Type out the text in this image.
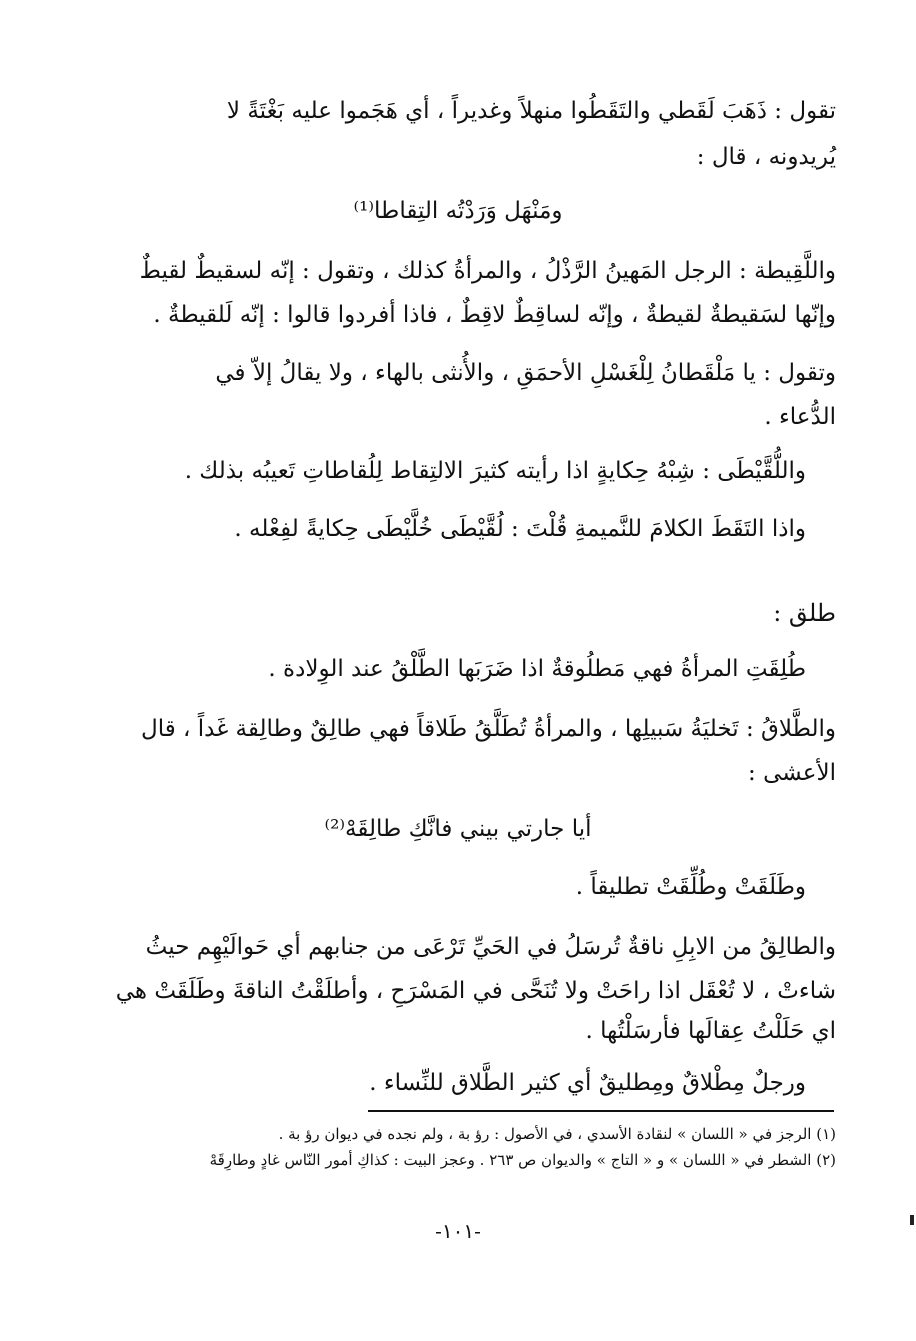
تقول : ذَهَبَ لَقَطي والتَقَطُوا منهلاً وغديراً ، أي هَجَموا عليه بَغْتَةً لا
يُريدونه ، قال :
ومَنْهَل وَرَدْتُه التِقاطا⁽¹⁾
واللَّقِيطة : الرجل المَهينُ الرَّذْلُ ، والمرأةُ كذلك ، وتقول : إنّه لسقيطٌ لقيطٌ
وإنّها لسَقيطةٌ لقيطةٌ ، وإنّه لساقِطٌ لاقِطٌ ، فاذا أفردوا قالوا : إنّه لَلقيطةٌ .
وتقول : يا مَلْقَطانُ لِلْغَسْلِ الأحمَقِ ، والأُنثى بالهاء ، ولا يقالُ إلاّ في
الدُّعاء .
واللُّقَّيْطَى : شِبْهُ حِكايةٍ اذا رأيته كثيرَ الالتِقاط لِلُقاطاتِ تَعيبُه بذلك .
واذا التَقَطَ الكلامَ للنَّميمةِ قُلْتَ : لُقَّيْطَى خُلَّيْطَى حِكايةً لفِعْله .
طلق :
طُلِقَتِ المرأةُ فهي مَطلُوقةٌ اذا ضَرَبَها الطَّلْقُ عند الوِلادة .
والطَّلاقُ : تَخليَةُ سَبيلِها ، والمرأةُ تُطَلَّقُ طَلاقاً فهي طالِقٌ وطالِقة غَداً ، قال
الأعشى :
أيا جارتي بيني فانَّكِ طالِقَهْ⁽²⁾
وطَلَقَتْ وطُلِّقَتْ تطليقاً .
والطالِقُ من الابِلِ ناقةٌ تُرسَلُ في الحَيِّ تَرْعَى من جنابهم أي حَوالَيْهِم حيثُ
شاءتْ ، لا تُعْقَل اذا راحَتْ ولا تُنَحَّى في المَسْرَحِ ، وأطلَقْتُ الناقةَ وطَلَقَتْ هي
اي حَلَلْتُ عِقالَها فأرسَلْتُها .
ورجلٌ مِطْلاقٌ ومِطليقٌ أي كثير الطَّلاق للنِّساء .
(١) الرجز في « اللسان » لنقادة الأسدي ، في الأصول : رؤ بة ، ولم نجده في ديوان رؤ بة .
(٢) الشطر في « اللسان » و « التاج » والديوان ص ٢٦٣ . وعجز البيت : كذاكِ أمور النّاس غادٍ وطارِقَهْ
-١٠١-
